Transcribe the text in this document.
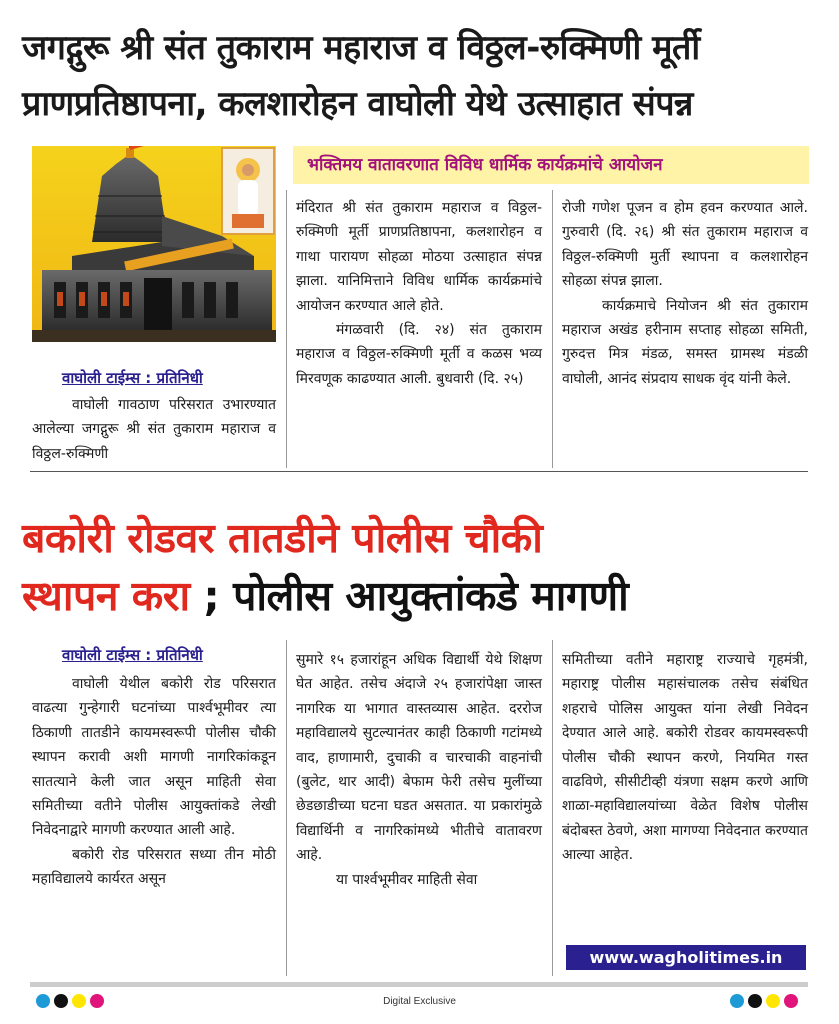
जगद्गुरू श्री संत तुकाराम महाराज व विठ्ठल-रुक्मिणी मूर्ती
प्राणप्रतिष्ठापना, कलशारोहन वाघोली येथे उत्साहात संपन्न
भक्तिमय वातावरणात विविध धार्मिक कार्यक्रमांचे आयोजन
वाघोली टाईम्स : प्रतिनिधी

वाघोली गावठाण परिसरात उभारण्यात आलेल्या जगद्गुरू श्री संत तुकाराम महाराज व विठ्ठल-रुक्मिणी

मंदिरात श्री संत तुकाराम महाराज व विठ्ठल-रुक्मिणी मूर्ती प्राणप्रतिष्ठापना, कलशारोहन व गाथा पारायण सोहळा मोठया उत्साहात संपन्न झाला. यानिमित्ताने विविध धार्मिक कार्यक्रमांचे आयोजन करण्यात आले होते.

मंगळवारी (दि. २४) संत तुकाराम महाराज व विठ्ठल-रुक्मिणी मूर्ती व कळस भव्य मिरवणूक काढण्यात आली. बुधवारी (दि. २५)

रोजी गणेश पूजन व होम हवन करण्यात आले. गुरुवारी (दि. २६) श्री संत तुकाराम महाराज व विठ्ठल-रुक्मिणी मुर्ती स्थापना व कलशारोहन सोहळा संपन्न झाला.

कार्यक्रमाचे नियोजन श्री संत तुकाराम महाराज अखंड हरीनाम सप्ताह सोहळा समिती, गुरुदत्त मित्र मंडळ, समस्त ग्रामस्थ मंडळी वाघोली, आनंद संप्रदाय साधक वृंद यांनी केले.

बकोरी रोडवर तातडीने पोलीस चौकी
स्थापन करा ; पोलीस आयुक्तांकडे मागणी
वाघोली टाईम्स : प्रतिनिधी

वाघोली येथील बकोरी रोड परिसरात वाढत्या गुन्हेगारी घटनांच्या पार्श्वभूमीवर त्या ठिकाणी तातडीने कायमस्वरूपी पोलीस चौकी स्थापन करावी अशी मागणी नागरिकांकडून सातत्याने केली जात असून माहिती सेवा समितीच्या वतीने पोलीस आयुक्तांकडे लेखी निवेदनाद्वारे मागणी करण्यात आली आहे.

बकोरी रोड परिसरात सध्या तीन मोठी महाविद्यालये कार्यरत असून

सुमारे १५ हजारांहून अधिक विद्यार्थी येथे शिक्षण घेत आहेत. तसेच अंदाजे २५ हजारांपेक्षा जास्त नागरिक या भागात वास्तव्यास आहेत. दररोज महाविद्यालये सुटल्यानंतर काही ठिकाणी गटांमध्ये वाद, हाणामारी, दुचाकी व चारचाकी वाहनांची (बुलेट, थार आदी) बेफाम फेरी तसेच मुलींच्या छेडछाडीच्या घटना घडत असतात. या प्रकारांमुळे विद्यार्थिनी व नागरिकांमध्ये भीतीचे वातावरण आहे.

या पार्श्वभूमीवर माहिती सेवा

समितीच्या वतीने महाराष्ट्र राज्याचे गृहमंत्री, महाराष्ट्र पोलीस महासंचालक तसेच संबंधित शहराचे पोलिस आयुक्त यांना लेखी निवेदन देण्यात आले आहे. बकोरी रोडवर कायमस्वरूपी पोलीस चौकी स्थापन करणे, नियमित गस्त वाढविणे, सीसीटीव्ही यंत्रणा सक्षम करणे आणि शाळा-महाविद्यालयांच्या वेळेत विशेष पोलीस बंदोबस्त ठेवणे, अशा मागण्या निवेदनात करण्यात आल्या आहेत.

www.wagholitimes.in
Digital Exclusive
